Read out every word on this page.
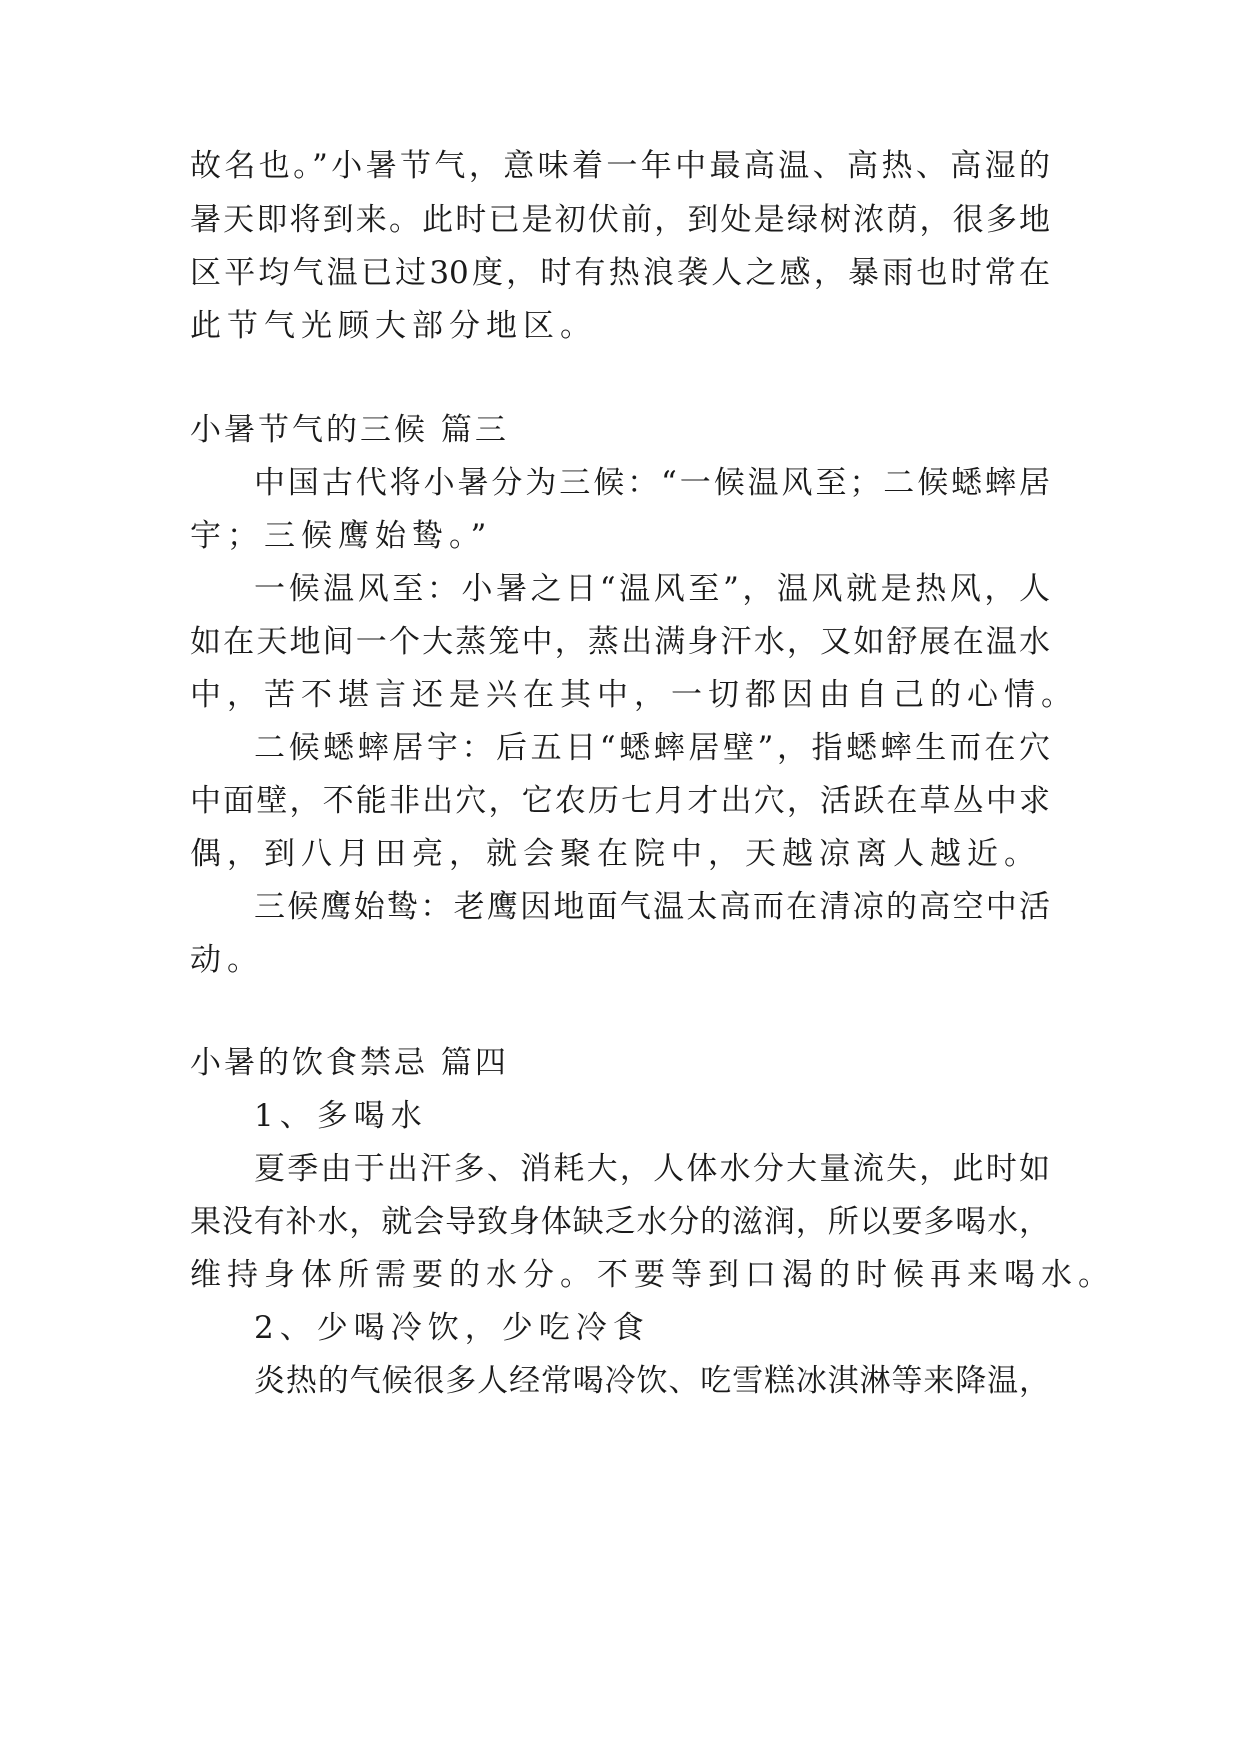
故名也。”小暑节气，意味着一年中最高温、高热、高湿的
暑天即将到来。此时已是初伏前，到处是绿树浓荫，很多地
区平均气温已过30度，时有热浪袭人之感，暴雨也时常在
此节气光顾大部分地区。
小暑节气的三候 篇三
中国古代将小暑分为三候：“一候温风至；二候蟋蟀居
宇；三候鹰始鸷。”
一候温风至：小暑之日“温风至”，温风就是热风，人
如在天地间一个大蒸笼中，蒸出满身汗水，又如舒展在温水
中，苦不堪言还是兴在其中，一切都因由自己的心情。
二候蟋蟀居宇：后五日“蟋蟀居壁”，指蟋蟀生而在穴
中面壁，不能非出穴，它农历七月才出穴，活跃在草丛中求
偶，到八月田亮，就会聚在院中，天越凉离人越近。
三候鹰始鸷：老鹰因地面气温太高而在清凉的高空中活
动。
小暑的饮食禁忌 篇四
1、多喝水
夏季由于出汗多、消耗大，人体水分大量流失，此时如
果没有补水，就会导致身体缺乏水分的滋润，所以要多喝水，
维持身体所需要的水分。不要等到口渴的时候再来喝水。
2、少喝冷饮，少吃冷食
炎热的气候很多人经常喝冷饮、吃雪糕冰淇淋等来降温，
